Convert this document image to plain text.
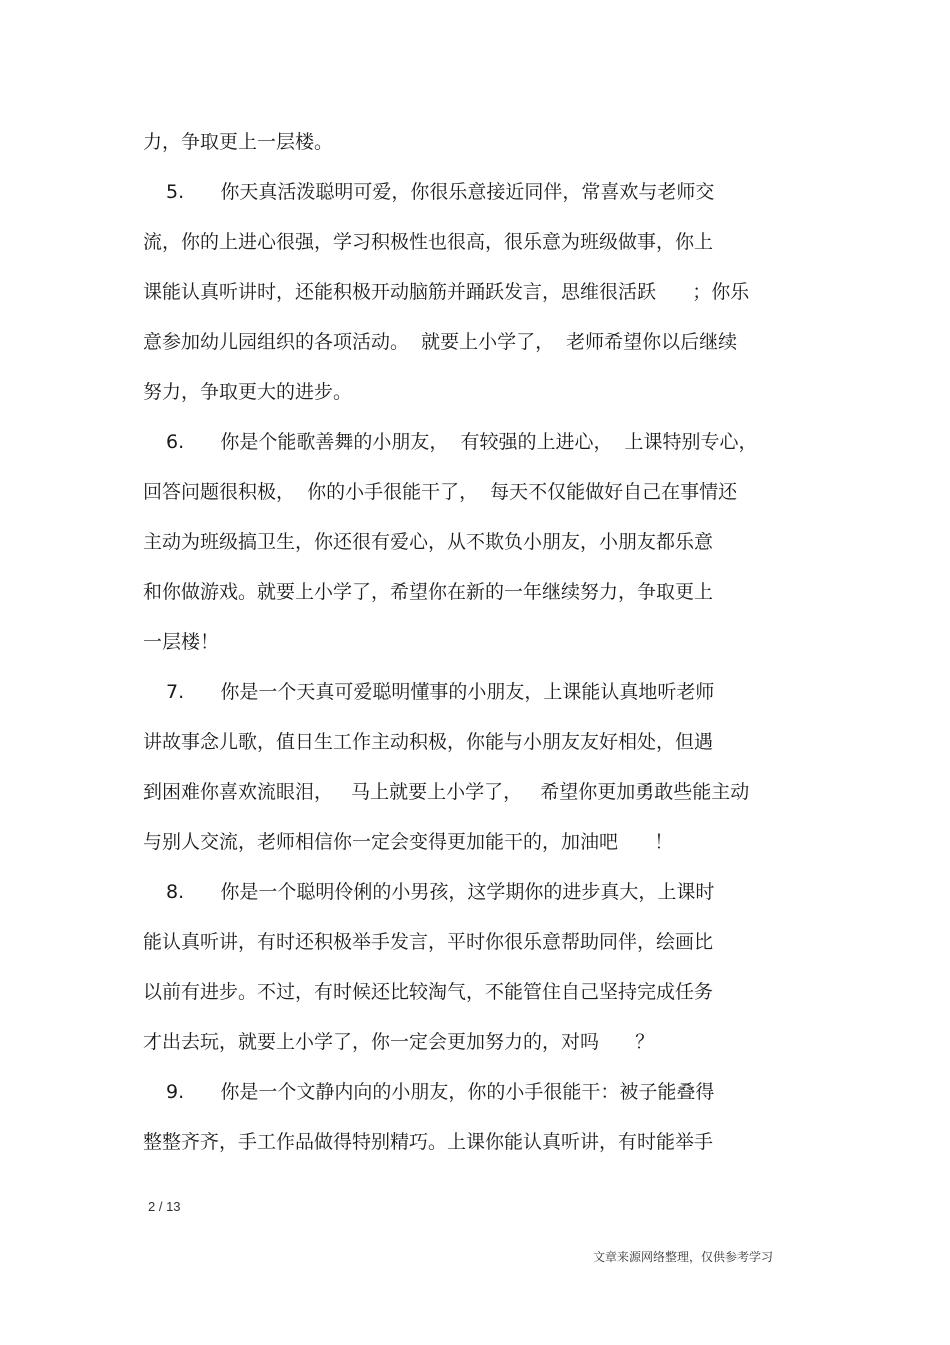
力，争取更上一层楼。

5.      你天真活泼聪明可爱，你很乐意接近同伴，常喜欢与老师交

流，你的上进心很强，学习积极性也很高，很乐意为班级做事，你上

课能认真听讲时，还能积极开动脑筋并踊跃发言，思维很活跃      ；你乐

意参加幼儿园组织的各项活动。  就要上小学了，  老师希望你以后继续

努力，争取更大的进步。

6.      你是个能歌善舞的小朋友，  有较强的上进心，  上课特别专心，

回答问题很积极，  你的小手很能干了，  每天不仅能做好自己在事情还

主动为班级搞卫生，你还很有爱心，从不欺负小朋友，小朋友都乐意

和你做游戏。就要上小学了，希望你在新的一年继续努力，争取更上

一层楼！

7.      你是一个天真可爱聪明懂事的小朋友，上课能认真地听老师

讲故事念儿歌，值日生工作主动积极，你能与小朋友友好相处，但遇

到困难你喜欢流眼泪，   马上就要上小学了，   希望你更加勇敢些能主动

与别人交流，老师相信你一定会变得更加能干的，加油吧      ！

8.      你是一个聪明伶俐的小男孩，这学期你的进步真大，上课时

能认真听讲，有时还积极举手发言，平时你很乐意帮助同伴，绘画比

以前有进步。不过，有时候还比较淘气，不能管住自己坚持完成任务

才出去玩，就要上小学了，你一定会更加努力的，对吗      ？

9.      你是一个文静内向的小朋友，你的小手很能干：被子能叠得

整整齐齐，手工作品做得特别精巧。上课你能认真听讲，有时能举手

2 / 13
文章来源网络整理，仅供参考学习
